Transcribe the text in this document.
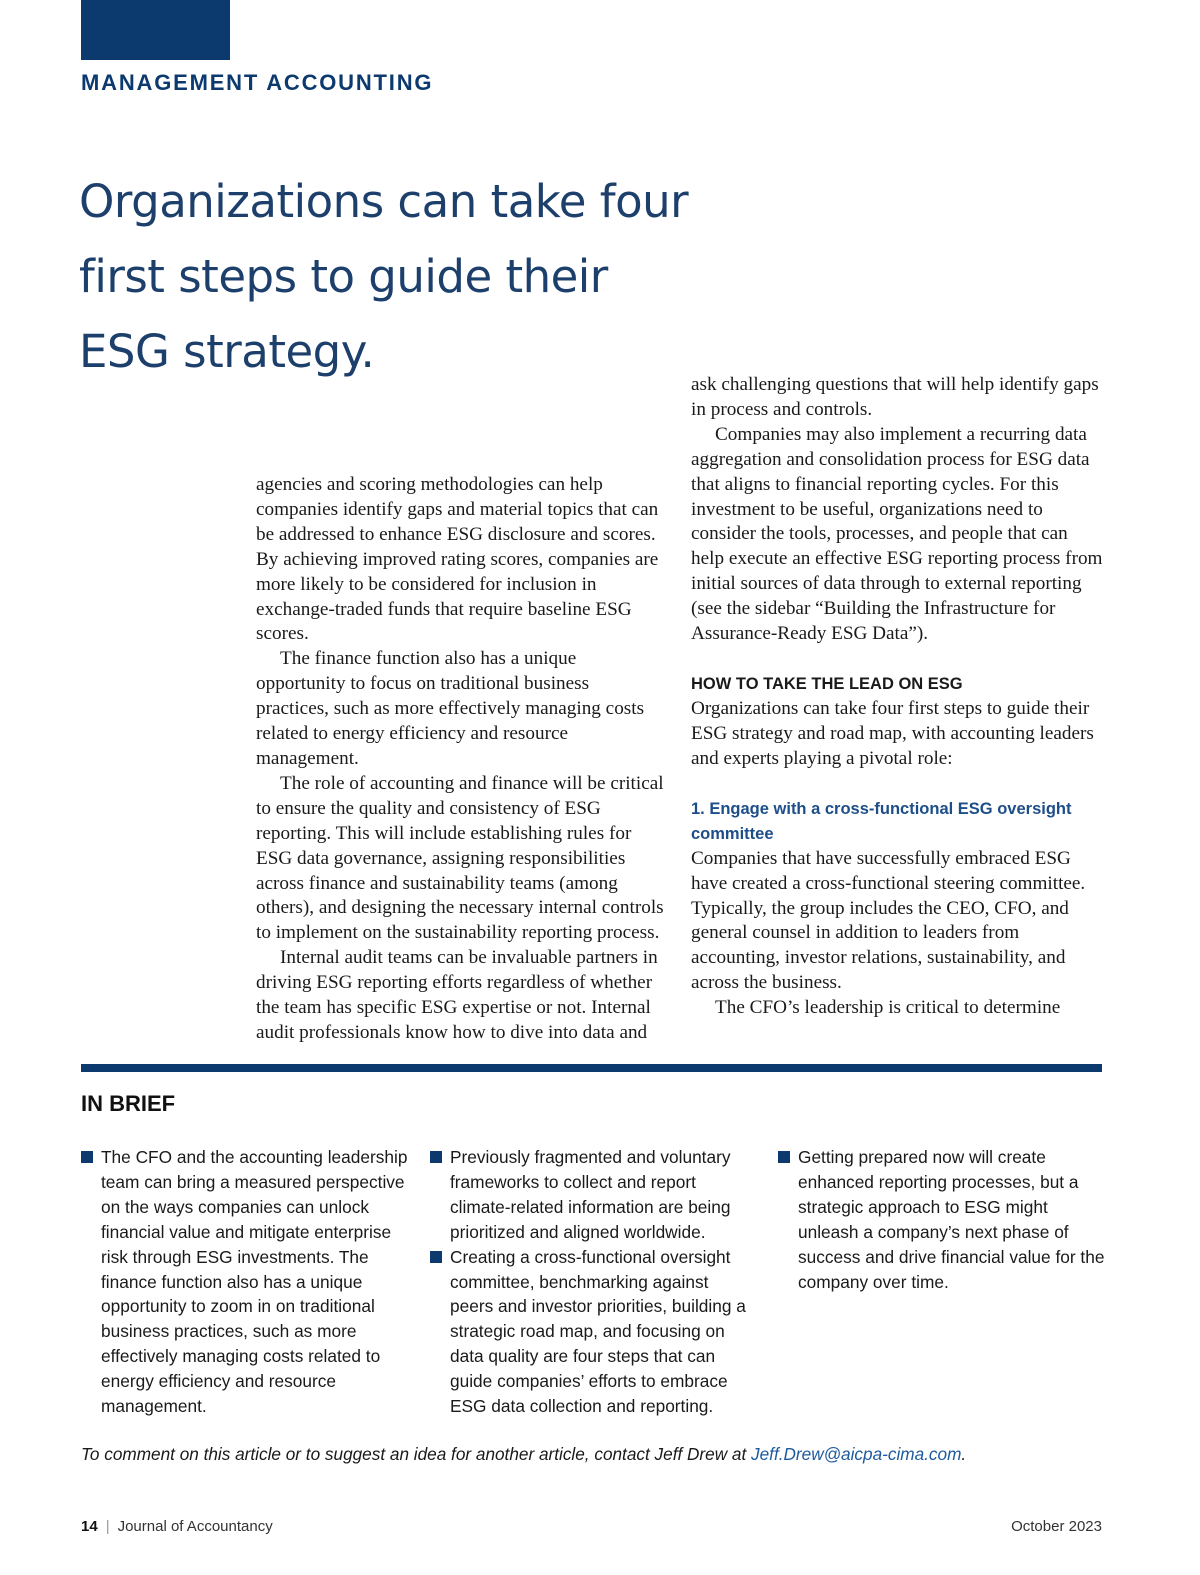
MANAGEMENT ACCOUNTING
Organizations can take four first steps to guide their ESG strategy.

agencies and scoring methodologies can help companies identify gaps and material topics that can be addressed to enhance ESG disclosure and scores. By achieving improved rating scores, companies are more likely to be considered for inclusion in exchange-traded funds that require baseline ESG scores.

The finance function also has a unique opportunity to focus on traditional business practices, such as more effectively managing costs related to energy efficiency and resource management.

The role of accounting and finance will be critical to ensure the quality and consistency of ESG reporting. This will include establishing rules for ESG data governance, assigning responsibilities across finance and sustainability teams (among others), and designing the necessary internal controls to implement on the sustainability reporting process.

Internal audit teams can be invaluable partners in driving ESG reporting efforts regardless of whether the team has specific ESG expertise or not. Internal audit professionals know how to dive into data and

ask challenging questions that will help identify gaps in process and controls.

Companies may also implement a recurring data aggregation and consolidation process for ESG data that aligns to financial reporting cycles. For this investment to be useful, organizations need to consider the tools, processes, and people that can help execute an effective ESG reporting process from initial sources of data through to external reporting (see the sidebar “Building the Infrastructure for Assurance-Ready ESG Data”).

HOW TO TAKE THE LEAD ON ESG

Organizations can take four first steps to guide their ESG strategy and road map, with accounting leaders and experts playing a pivotal role:

1. Engage with a cross-functional ESG oversight committee

Companies that have successfully embraced ESG have created a cross-functional steering committee. Typically, the group includes the CEO, CFO, and general counsel in addition to leaders from accounting, investor relations, sustainability, and across the business.

The CFO’s leadership is critical to determine

IN BRIEF
The CFO and the accounting leadership team can bring a measured perspective on the ways companies can unlock financial value and mitigate enterprise risk through ESG investments. The finance function also has a unique opportunity to zoom in on traditional business practices, such as more effectively managing costs related to energy efficiency and resource management.
Previously fragmented and voluntary frameworks to collect and report climate-related information are being prioritized and aligned worldwide.
Creating a cross-functional oversight committee, benchmarking against peers and investor priorities, building a strategic road map, and focusing on data quality are four steps that can guide companies’ efforts to embrace ESG data collection and reporting.
Getting prepared now will create enhanced reporting processes, but a strategic approach to ESG might unleash a company’s next phase of success and drive financial value for the company over time.
To comment on this article or to suggest an idea for another article, contact Jeff Drew at Jeff.Drew@aicpa-cima.com.
14 | Journal of Accountancy	October 2023
